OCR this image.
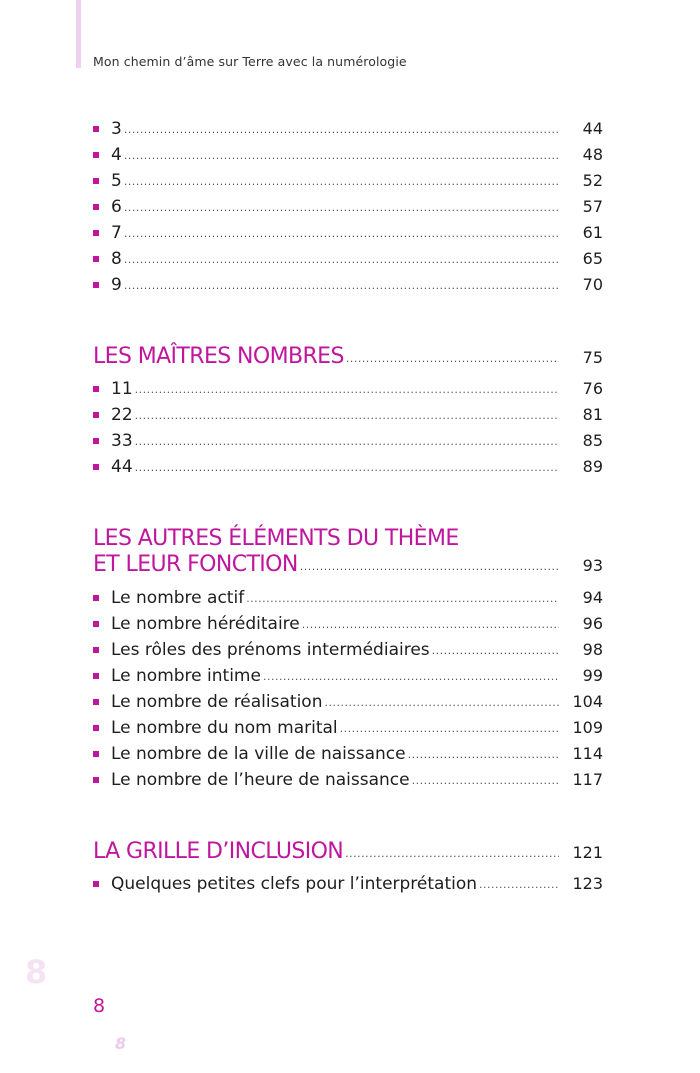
Mon chemin d’âme sur Terre avec la numérologie
3 .....	44
4 .....	48
5 .....	52
6 .....	57
7 .....	61
8 .....	65
9 .....	70
LES MAÎTRES NOMBRES .....	75
11 .....	76
22 .....	81
33 .....	85
44 .....	89
LES AUTRES ÉLÉMENTS DU THÈME
ET LEUR FONCTION .....	93
Le nombre actif .....	94
Le nombre héréditaire .....	96
Les rôles des prénoms intermédiaires .....	98
Le nombre intime .....	99
Le nombre de réalisation .....	104
Le nombre du nom marital .....	109
Le nombre de la ville de naissance .....	114
Le nombre de l’heure de naissance .....	117
LA GRILLE D’INCLUSION .....	121
Quelques petites clefs pour l’interprétation .....	123
8
8
8
